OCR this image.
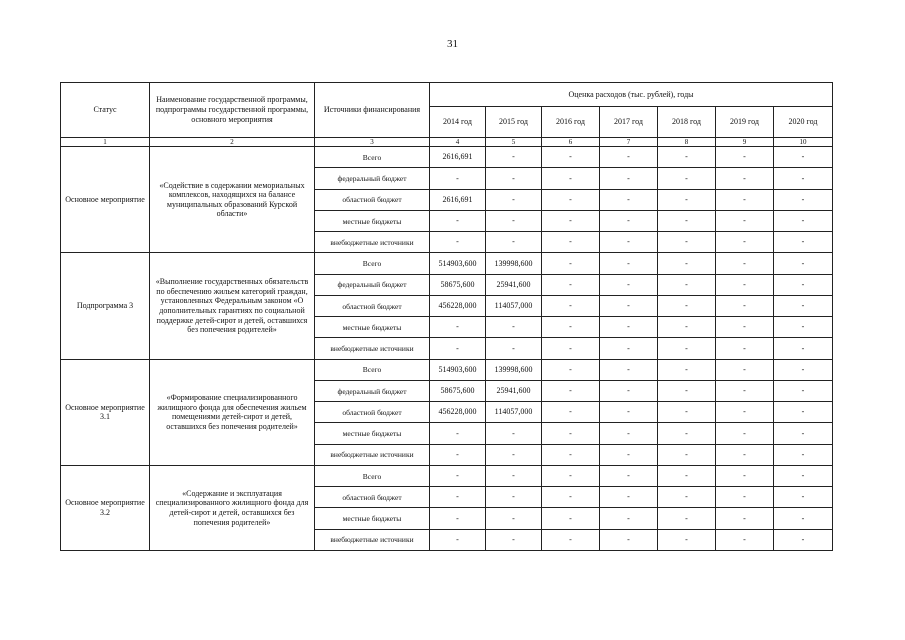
31
Статус	Наименование государственной программы, подпрограммы государственной программы, основного мероприятия	Источники финансирования	Оценка расходов (тыс. рублей), годы						
			2014 год	2015 год	2016 год	2017 год	2018 год	2019 год	2020 год
1	2	3	4	5	6	7	8	9	10
Основное мероприятие	«Содействие в содержании мемориальных комплексов, находящихся на балансе муниципальных образований Курской области»	Всего	2616,691	-	-	-	-	-	-
		федеральный бюджет	-	-	-	-	-	-	-
		областной бюджет	2616,691	-	-	-	-	-	-
		местные бюджеты	-	-	-	-	-	-	-
		внебюджетные источники	-	-	-	-	-	-	-
Подпрограмма 3	«Выполнение государственных обязательств по обеспечению жильем категорий граждан, установленных Федеральным законом «О дополнительных гарантиях по социальной поддержке детей-сирот и детей, оставшихся без попечения родителей»	Всего	514903,600	139998,600	-	-	-	-	-
		федеральный бюджет	58675,600	25941,600	-	-	-	-	-
		областной бюджет	456228,000	114057,000	-	-	-	-	-
		местные бюджеты	-	-	-	-	-	-	-
		внебюджетные источники	-	-	-	-	-	-	-
Основное мероприятие 3.1	«Формирование специализированного жилищного фонда для обеспечения жильем помещениями детей-сирот и детей, оставшихся без попечения родителей»	Всего	514903,600	139998,600	-	-	-	-	-
		федеральный бюджет	58675,600	25941,600	-	-	-	-	-
		областной бюджет	456228,000	114057,000	-	-	-	-	-
		местные бюджеты	-	-	-	-	-	-	-
		внебюджетные источники	-	-	-	-	-	-	-
Основное мероприятие 3.2	«Содержание и эксплуатация специализированного жилищного фонда для детей-сирот и детей, оставшихся без попечения родителей»	Всего	-	-	-	-	-	-	-
		областной бюджет	-	-	-	-	-	-	-
		местные бюджеты	-	-	-	-	-	-	-
		внебюджетные источники	-	-	-	-	-	-	-
